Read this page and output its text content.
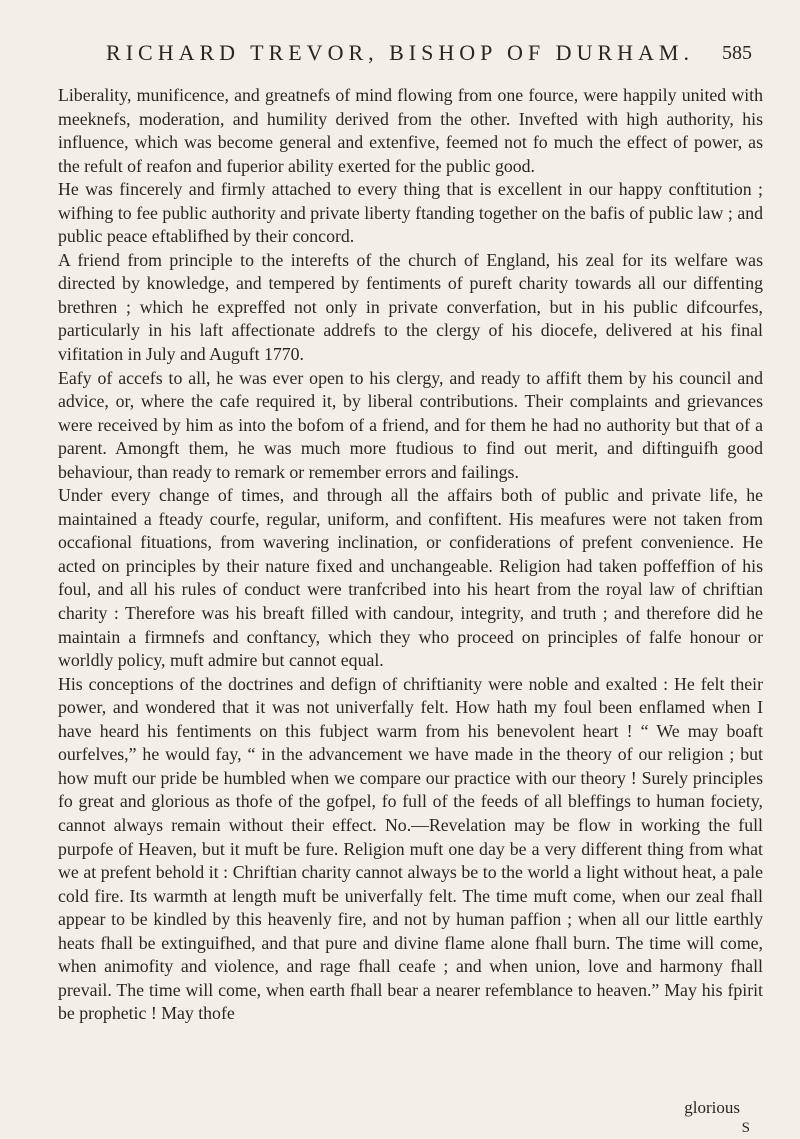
RICHARD TREVOR, BISHOP OF DURHAM.	585

Liberality, munificence, and greatnefs of mind flowing from one fource, were happily united with meeknefs, moderation, and humility derived from the other. Invefted with high authority, his influence, which was become general and extenfive, feemed not fo much the effect of power, as the refult of reafon and fuperior ability exerted for the public good.

He was fincerely and firmly attached to every thing that is excellent in our happy conftitution ; wifhing to fee public authority and private liberty ftanding together on the bafis of public law ; and public peace eftablifhed by their concord.

A friend from principle to the interefts of the church of England, his zeal for its welfare was directed by knowledge, and tempered by fentiments of pureft charity towards all our diffenting brethren ; which he expreffed not only in private converfation, but in his public difcourfes, particularly in his laft affectionate addrefs to the clergy of his diocefe, delivered at his final vifitation in July and Auguft 1770.

Eafy of accefs to all, he was ever open to his clergy, and ready to affift them by his council and advice, or, where the cafe required it, by liberal contributions. Their complaints and grievances were received by him as into the bofom of a friend, and for them he had no authority but that of a parent. Amongft them, he was much more ftudious to find out merit, and diftinguifh good behaviour, than ready to remark or remember errors and failings.

Under every change of times, and through all the affairs both of public and private life, he maintained a fteady courfe, regular, uniform, and confiftent. His meafures were not taken from occafional fituations, from wavering inclination, or confiderations of prefent convenience. He acted on principles by their nature fixed and unchangeable. Religion had taken poffeffion of his foul, and all his rules of conduct were tranfcribed into his heart from the royal law of chriftian charity : Therefore was his breaft filled with candour, integrity, and truth ; and therefore did he maintain a firmnefs and conftancy, which they who proceed on principles of falfe honour or worldly policy, muft admire but cannot equal.

His conceptions of the doctrines and defign of chriftianity were noble and exalted : He felt their power, and wondered that it was not univerfally felt. How hath my foul been enflamed when I have heard his fentiments on this fubject warm from his benevolent heart ! “ We may boaft ourfelves,” he would fay, “ in the advancement we have made in the theory of our religion ; but how muft our pride be humbled when we compare our practice with our theory ! Surely principles fo great and glorious as thofe of the gofpel, fo full of the feeds of all bleffings to human fociety, cannot always remain without their effect. No.—Revelation may be flow in working the full purpofe of Heaven, but it muft be fure. Religion muft one day be a very different thing from what we at prefent behold it : Chriftian charity cannot always be to the world a light without heat, a pale cold fire. Its warmth at length muft be univerfally felt. The time muft come, when our zeal fhall appear to be kindled by this heavenly fire, and not by human paffion ; when all our little earthly heats fhall be extinguifhed, and that pure and divine flame alone fhall burn. The time will come, when animofity and violence, and rage fhall ceafe ; and when union, love and harmony fhall prevail. The time will come, when earth fhall bear a nearer refemblance to heaven.” May his fpirit be prophetic ! May thofe

glorious
S
